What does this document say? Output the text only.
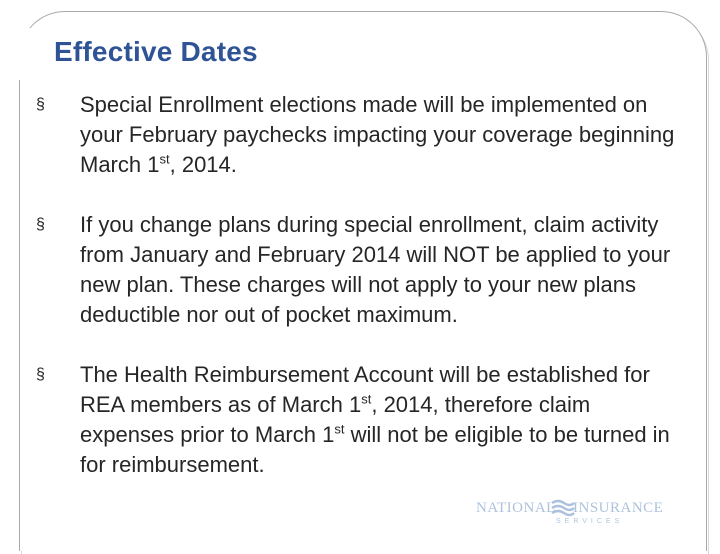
Effective Dates
§ Special Enrollment elections made will be implemented on your February paychecks impacting your coverage beginning March 1st, 2014.
§ If you change plans during special enrollment, claim activity from January and February 2014 will NOT be applied to your new plan. These charges will not apply to your new plans deductible nor out of pocket maximum.
§ The Health Reimbursement Account will be established for REA members as of March 1st, 2014, therefore claim expenses prior to March 1st will not be eligible to be turned in for reimbursement.
NATIONAL INSURANCE
SERVICES
